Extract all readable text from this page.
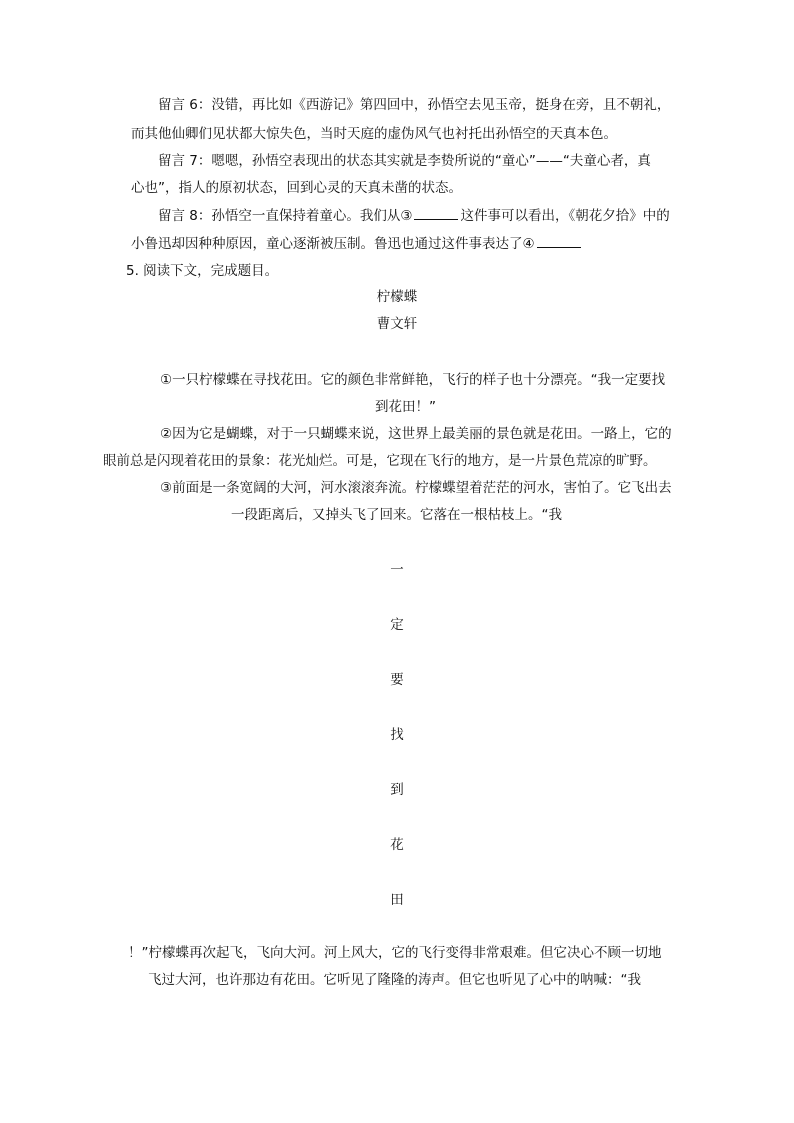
留言 6：没错，再比如《西游记》第四回中，孙悟空去见玉帝，挺身在旁，且不朝礼，
而其他仙卿们见状都大惊失色，当时天庭的虚伪风气也衬托出孙悟空的天真本色。
留言 7：嗯嗯，孙悟空表现出的状态其实就是李贽所说的“童心”——“夫童心者，真
心也”，指人的原初状态，回到心灵的天真未凿的状态。
留言 8：孙悟空一直保持着童心。我们从③	这件事可以看出，《朝花夕拾》中的
小鲁迅却因种种原因，童心逐渐被压制。鲁迅也通过这件事表达了④
5. 阅读下文，完成题目。
柠檬蝶
曹文轩
①一只柠檬蝶在寻找花田。它的颜色非常鲜艳，飞行的样子也十分漂亮。“我一定要找
到花田！”
②因为它是蝴蝶，对于一只蝴蝶来说，这世界上最美丽的景色就是花田。一路上，它的
眼前总是闪现着花田的景象：花光灿烂。可是，它现在飞行的地方，是一片景色荒凉的旷野。
③前面是一条宽阔的大河，河水滚滚奔流。柠檬蝶望着茫茫的河水，害怕了。它飞出去
一段距离后，又掉头飞了回来。它落在一根枯枝上。“我
一
定
要
找
到
花
田
！”柠檬蝶再次起飞，飞向大河。河上风大，它的飞行变得非常艰难。但它决心不顾一切地
飞过大河，也许那边有花田。它听见了隆隆的涛声。但它也听见了心中的呐喊：“我
